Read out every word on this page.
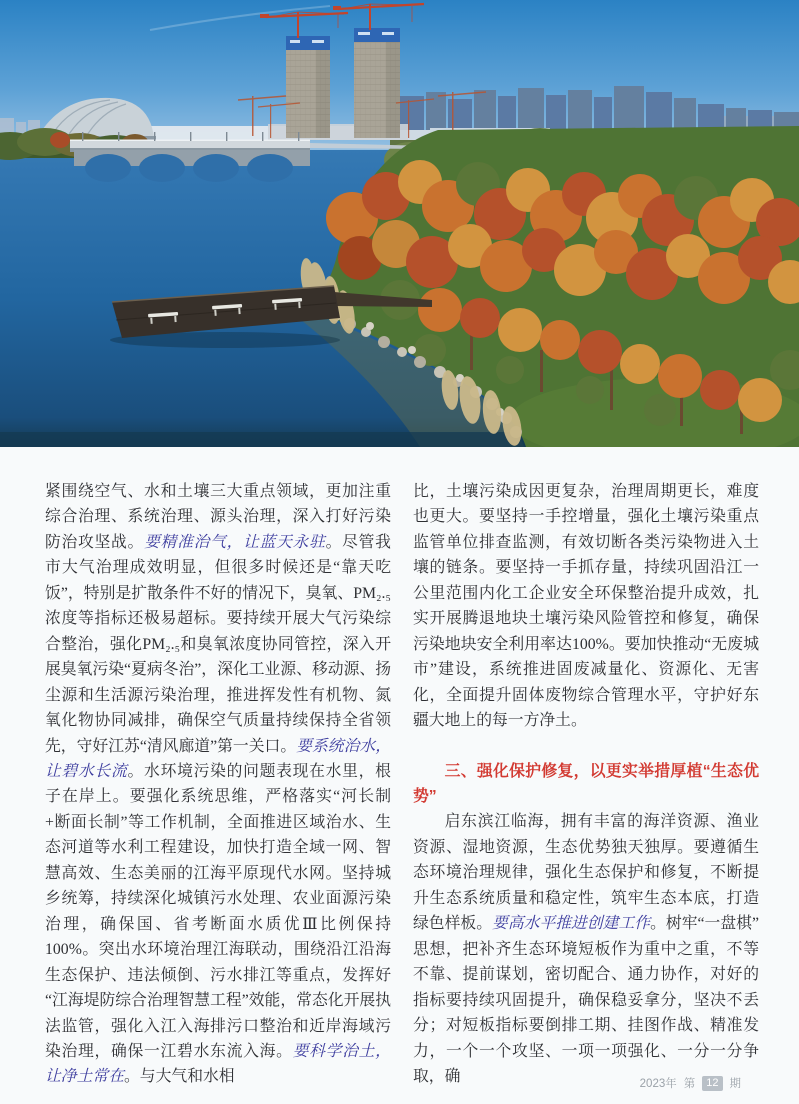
紧围绕空气、水和土壤三大重点领域，更加注重综合治理、系统治理、源头治理，深入打好污染防治攻坚战。要精准治气，让蓝天永驻。尽管我市大气治理成效明显，但很多时候还是“靠天吃饭”，特别是扩散条件不好的情况下，臭氧、PM₂.₅浓度等指标还极易超标。要持续开展大气污染综合整治，强化PM₂.₅和臭氧浓度协同管控，深入开展臭氧污染“夏病冬治”，深化工业源、移动源、扬尘源和生活源污染治理，推进挥发性有机物、氮氧化物协同减排，确保空气质量持续保持全省领先，守好江苏“清风廊道”第一关口。要系统治水，让碧水长流。水环境污染的问题表现在水里，根子在岸上。要强化系统思维，严格落实“河长制+断面长制”等工作机制，全面推进区域治水、生态河道等水利工程建设，加快打造全域一网、智慧高效、生态美丽的江海平原现代水网。坚持城乡统筹，持续深化城镇污水处理、农业面源污染治理，确保国、省考断面水质优Ⅲ比例保持100%。突出水环境治理江海联动，围绕沿江沿海生态保护、违法倾倒、污水排江等重点，发挥好“江海堤防综合治理智慧工程”效能，常态化开展执法监管，强化入江入海排污口整治和近岸海域污染治理，确保一江碧水东流入海。要科学治土，让净土常在。与大气和水相

比，土壤污染成因更复杂，治理周期更长，难度也更大。要坚持一手控增量，强化土壤污染重点监管单位排查监测，有效切断各类污染物进入土壤的链条。要坚持一手抓存量，持续巩固沿江一公里范围内化工企业安全环保整治提升成效，扎实开展腾退地块土壤污染风险管控和修复，确保污染地块安全利用率达100%。要加快推动“无废城市”建设，系统推进固废减量化、资源化、无害化，全面提升固体废物综合管理水平，守护好东疆大地上的每一方净土。

三、强化保护修复，以更实举措厚植“生态优势”

启东滨江临海，拥有丰富的海洋资源、渔业资源、湿地资源，生态优势独天独厚。要遵循生态环境治理规律，强化生态保护和修复，不断提升生态系统质量和稳定性，筑牢生态本底，打造绿色样板。要高水平推进创建工作。树牢“一盘棋”思想，把补齐生态环境短板作为重中之重，不等不靠、提前谋划，密切配合、通力协作，对好的指标要持续巩固提升，确保稳妥拿分，坚决不丢分；对短板指标要倒排工期、挂图作战、精准发力，一个一个攻坚、一项一项强化、一分一分争取，确	2023年 第	12 期
